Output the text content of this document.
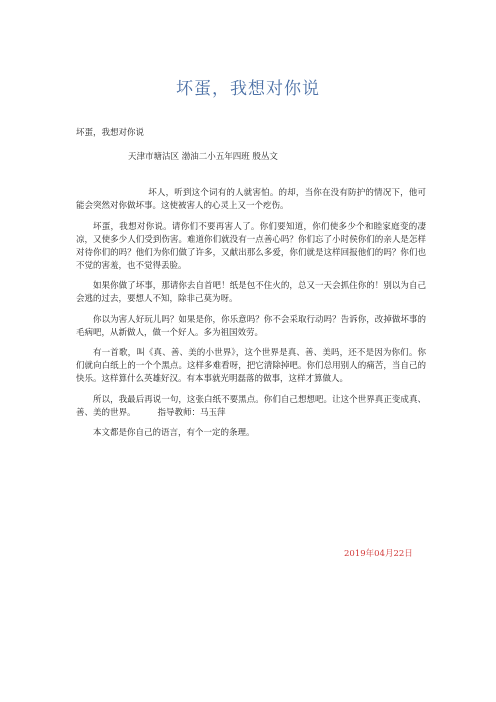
坏蛋，我想对你说
坏蛋，我想对你说
天津市塘沽区 渤油二小五年四班 殷丛文

坏人，听到这个词有的人就害怕。的却，当你在没有防护的情况下，他可能会突然对你做坏事。这使被害人的心灵上又一个疙伤。

坏蛋，我想对你说。请你们不要再害人了。你们要知道，你们使多少个和睦家庭变的凄凉，又使多少人们受到伤害。难道你们就没有一点善心吗？你们忘了小时侯你们的亲人是怎样对待你们的吗？他们为你们做了许多，又献出那么多爱，你们就是这样回报他们的吗？你们也不觉的害羞，也不觉得丢脸。

如果你做了坏事，那请你去自首吧！纸是包不住火的，总又一天会抓住你的！别以为自己会逃的过去，要想人不知，除非己莫为呀。

你以为害人好玩儿吗？如果是你，你乐意吗？你不会采取行动吗？告诉你，改掉做坏事的毛病吧，从新做人，做一个好人。多为祖国效劳。

有一首歌，叫《真、善、美的小世界》，这个世界是真、善、美吗，还不是因为你们。你们就向白纸上的一个个黑点。这样多难看呀，把它清除掉吧。你们总用别人的痛苦，当自己的快乐。这样算什么英雄好汉。有本事就光明磊落的做事，这样才算做人。

所以，我最后再说一句，这张白纸不要黑点。你们自己想想吧。让这个世界真正变成真、善、美的世界。	指导教师：马玉萍

本文都是你自己的语言，有个一定的条理。

2019年04月22日
